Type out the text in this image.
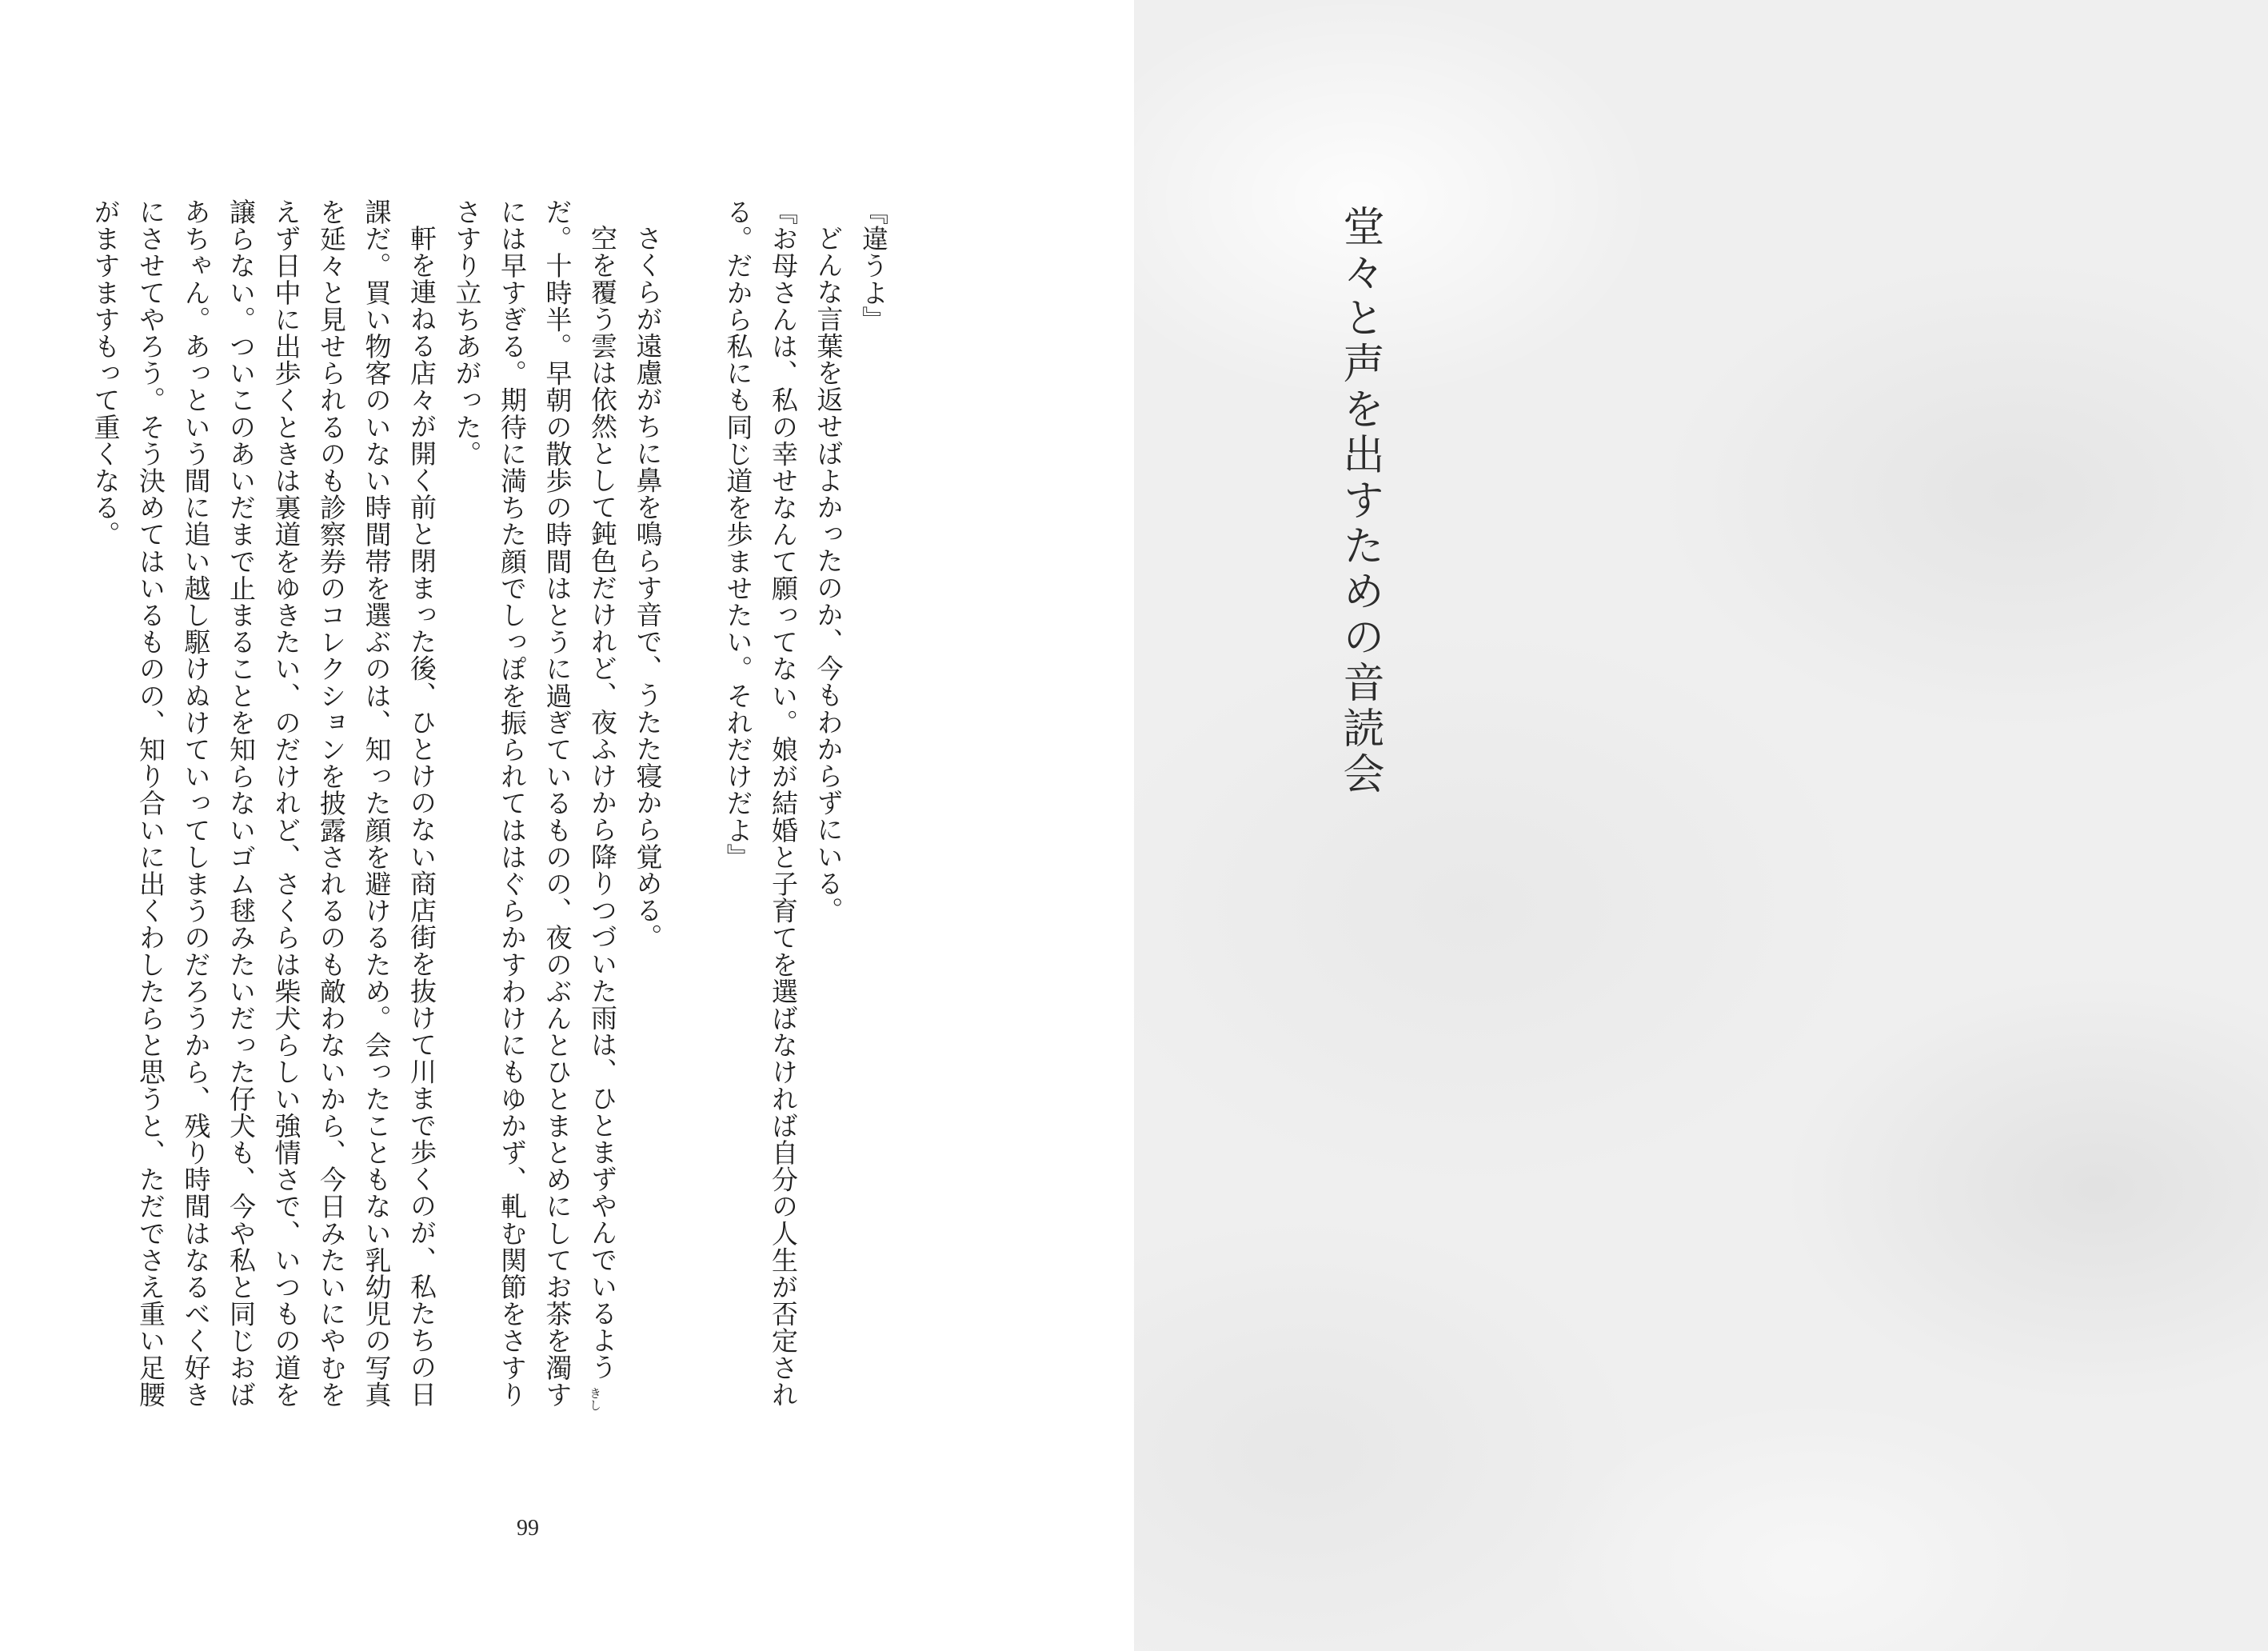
『違うよ』

どんな言葉を返せばよかったのか、今もわからずにいる。

『お母さんは、私の幸せなんて願ってない。娘が結婚と子育てを選ばなければ自分の人生が否定される。だから私にも同じ道を歩ませたい。それだけだよ』

さくらが遠慮がちに鼻を鳴らす音で、うたた寝から覚める。

空を覆う雲は依然として鈍色だけれど、夜ふけから降りつづいた雨は、ひとまずやんでいるようだ。十時半。早朝の散歩の時間はとうに過ぎているものの、夜のぶんとひとまとめにしてお茶を濁すには早すぎる。期待に満ちた顔でしっぽを振られてははぐらかすわけにもゆかず、軋む関節をさすりさすり立ちあがった。

軒を連ねる店々が開く前と閉まった後、ひとけのない商店街を抜けて川まで歩くのが、私たちの日課だ。買い物客のいない時間帯を選ぶのは、知った顔を避けるため。会ったこともない乳幼児の写真を延々と見せられるのも診察券のコレクションを披露されるのも敵わないから、今日みたいにやむをえず日中に出歩くときは裏道をゆきたい、のだけれど、さくらは柴犬らしい強情さで、いつもの道を譲らない。ついこのあいだまで止まることを知らないゴム毬みたいだった仔犬も、今や私と同じおばあちゃん。あっという間に追い越し駆けぬけていってしまうのだろうから、残り時間はなるべく好きにさせてやろう。そう決めてはいるものの、知り合いに出くわしたらと思うと、ただでさえ重い足腰がますますもって重くなる。

きし
99
堂々と声を出すための音読会
